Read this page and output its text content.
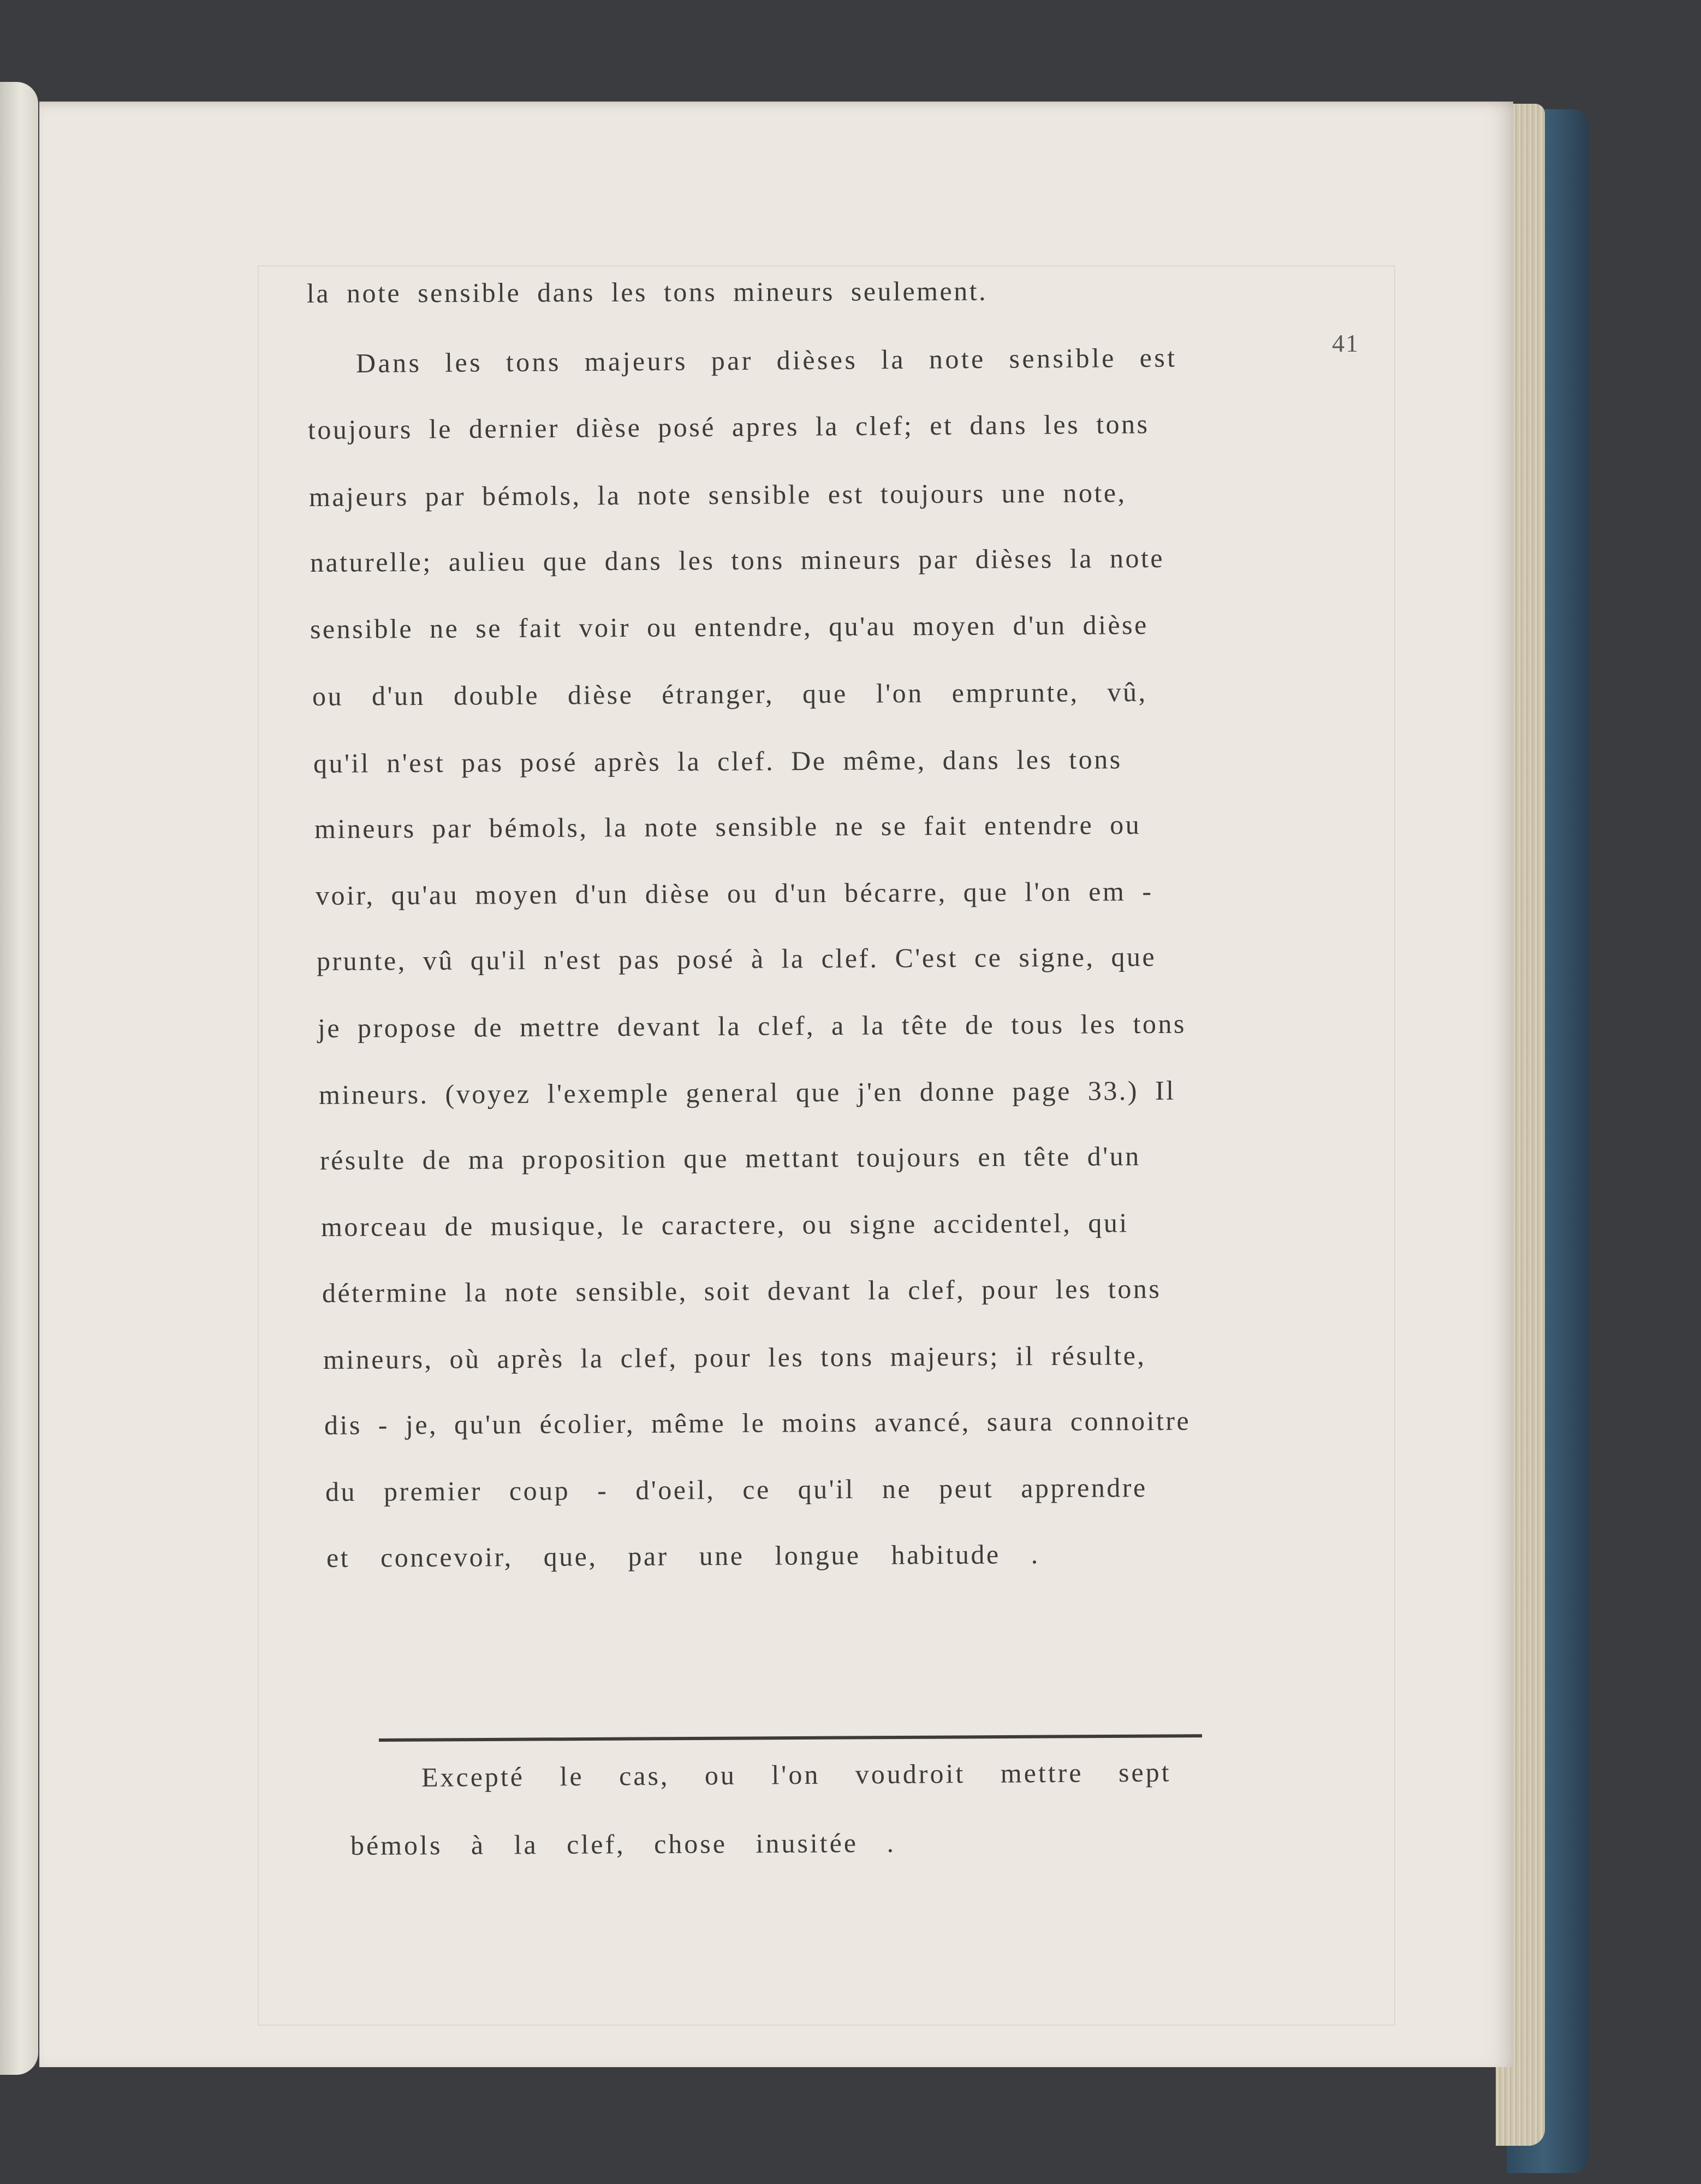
41
la note sensible dans les tons mineurs seulement.
Dans les tons majeurs par dièses la note sensible est
toujours le dernier dièse posé apres la clef; et dans les tons
majeurs par bémols, la note sensible est toujours une note,
naturelle; aulieu que dans les tons mineurs par dièses la note
sensible ne se fait voir ou entendre, qu'au moyen d'un dièse
ou d'un double dièse étranger, que l'on emprunte, vû,
qu'il n'est pas posé après la clef. De même, dans les tons
mineurs par bémols, la note sensible ne se fait entendre ou
voir, qu'au moyen d'un dièse ou d'un bécarre, que l'on em -
prunte, vû qu'il n'est pas posé à la clef. C'est ce signe, que
je propose de mettre devant la clef, a la tête de tous les tons
mineurs. (voyez l'exemple general que j'en donne page 33.) Il
résulte de ma proposition que mettant toujours en tête d'un
morceau de musique, le caractere, ou signe accidentel, qui
détermine la note sensible, soit devant la clef, pour les tons
mineurs, où après la clef, pour les tons majeurs; il résulte,
dis - je, qu'un écolier, même le moins avancé, saura connoitre
du premier coup - d'oeil, ce qu'il ne peut apprendre
et concevoir, que, par une longue habitude .
Excepté le cas, ou l'on voudroit mettre sept
bémols à la clef, chose inusitée .
